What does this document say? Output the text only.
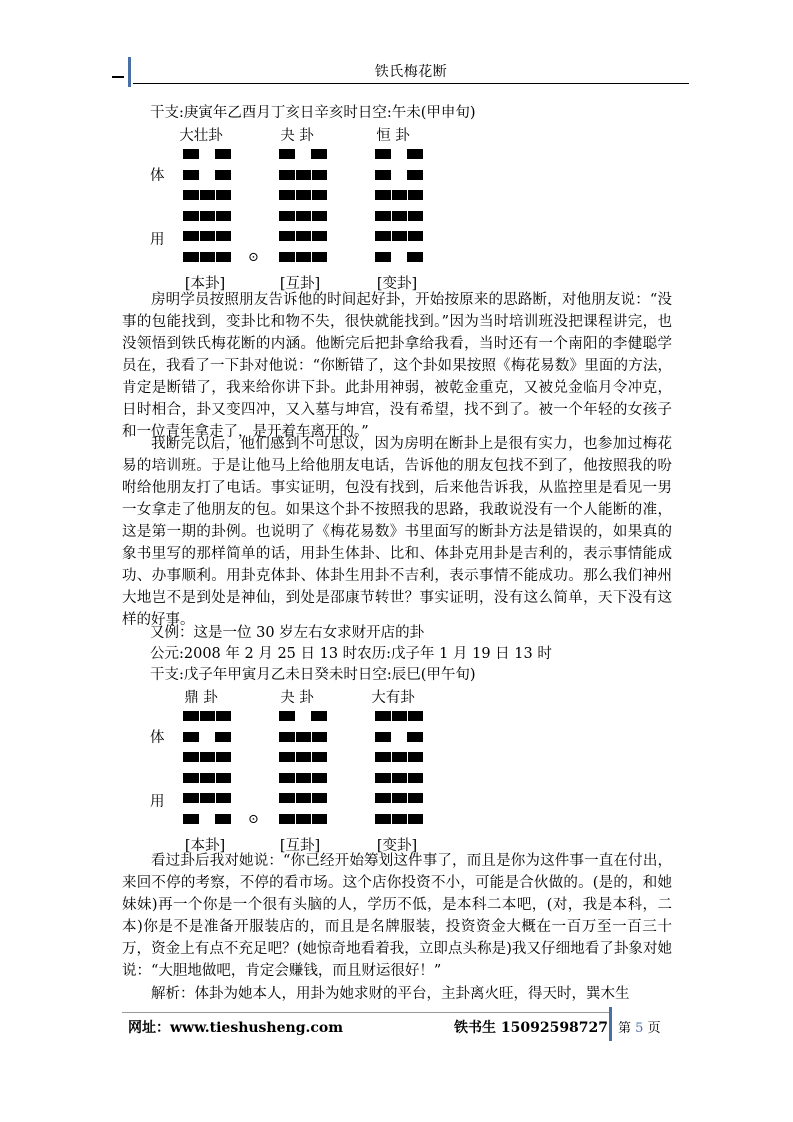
铁氏梅花断
干支:庚寅年乙酉月丁亥日辛亥时日空:午未(甲申旬)
大壮卦	夬 卦	恒 卦
体
用
⊙
[本卦]	[互卦]	[变卦]
房明学员按照朋友告诉他的时间起好卦，开始按原来的思路断，对他朋友说：“没事的包能找到，变卦比和物不失，很快就能找到。”因为当时培训班没把课程讲完，也没领悟到铁氏梅花断的内涵。他断完后把卦拿给我看，当时还有一个南阳的李健聪学员在，我看了一下卦对他说：“你断错了，这个卦如果按照《梅花易数》里面的方法，肯定是断错了，我来给你讲下卦。此卦用神弱，被乾金重克，又被兑金临月令冲克，日时相合，卦又变四冲，又入墓与坤宫，没有希望，找不到了。被一个年轻的女孩子和一位青年拿走了，是开着车离开的。”
我断完以后，他们感到不可思议，因为房明在断卦上是很有实力，也参加过梅花易的培训班。于是让他马上给他朋友电话，告诉他的朋友包找不到了，他按照我的吩咐给他朋友打了电话。事实证明，包没有找到，后来他告诉我，从监控里是看见一男一女拿走了他朋友的包。如果这个卦不按照我的思路，我敢说没有一个人能断的准，这是第一期的卦例。也说明了《梅花易数》书里面写的断卦方法是错误的，如果真的象书里写的那样简单的话，用卦生体卦、比和、体卦克用卦是吉利的，表示事情能成功、办事顺利。用卦克体卦、体卦生用卦不吉利，表示事情不能成功。那么我们神州大地岂不是到处是神仙，到处是邵康节转世？事实证明，没有这么简单，天下没有这样的好事。
又例：这是一位 30 岁左右女求财开店的卦
公元:2008 年 2 月 25 日 13 时农历:戊子年 1 月 19 日 13 时
干支:戊子年甲寅月乙未日癸未时日空:辰巳(甲午旬)
鼎 卦	夬 卦	大有卦
体
用
⊙
[本卦]	[互卦]	[变卦]
看过卦后我对她说：“你已经开始筹划这件事了，而且是你为这件事一直在付出，来回不停的考察，不停的看市场。这个店你投资不小，可能是合伙做的。(是的，和她妹妹)再一个你是一个很有头脑的人，学历不低，是本科二本吧，(对，我是本科，二本)你是不是准备开服装店的，而且是名牌服装，投资资金大概在一百万至一百三十万，资金上有点不充足吧？(她惊奇地看着我，立即点头称是)我又仔细地看了卦象对她说：“大胆地做吧，肯定会赚钱，而且财运很好！”
网址：www.tieshusheng.com	铁书生 15092598727 第 5 页
解析：体卦为她本人，用卦为她求财的平台，主卦离火旺，得天时，巽木生
